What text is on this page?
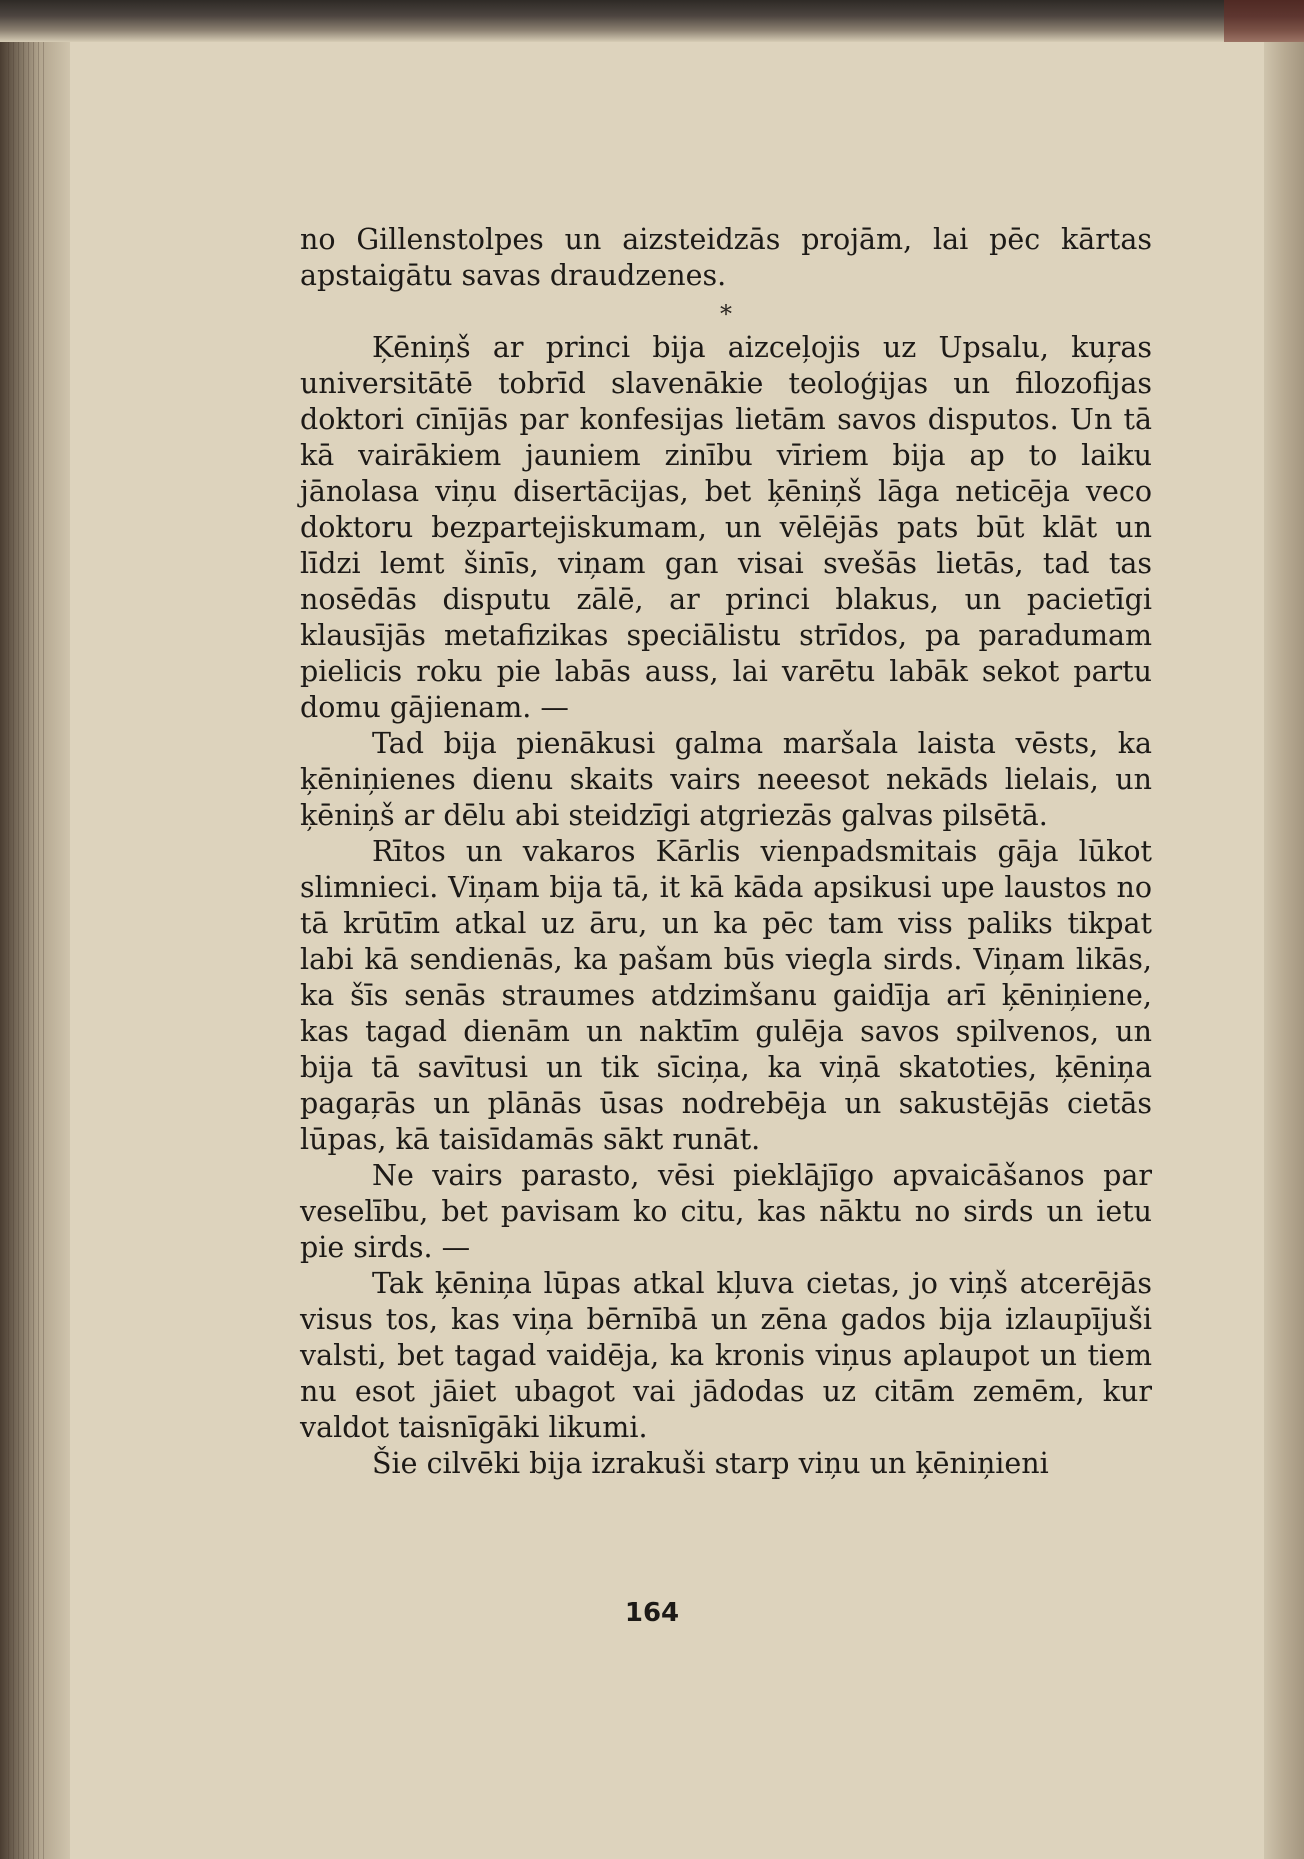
no Gillenstolpes un aizsteidzās projām, lai pēc kārtas apstaigātu savas draudzenes.

*

Ķēniņš ar princi bija aizceļojis uz Upsalu, kuŗas universitātē tobrīd slavenākie teoloģijas un filozofijas doktori cīnījās par konfesijas lietām savos disputos. Un tā kā vairākiem jauniem zinību vīriem bija ap to laiku jānolasa viņu disertācijas, bet ķēniņš lāga neticēja veco doktoru bezpartejiskumam, un vēlējās pats būt klāt un līdzi lemt šinīs, viņam gan visai svešās lietās, tad tas nosēdās disputu zālē, ar princi blakus, un pacietīgi klausījās metafizikas speciālistu strīdos, pa paradumam pielicis roku pie labās auss, lai varētu labāk sekot partu domu gājienam. —

Tad bija pienākusi galma maršala laista vēsts, ka ķēniņienes dienu skaits vairs neeesot nekāds lielais, un ķēniņš ar dēlu abi steidzīgi atgriezās galvas pilsētā.

Rītos un vakaros Kārlis vienpadsmitais gāja lūkot slimnieci. Viņam bija tā, it kā kāda apsikusi upe laustos no tā krūtīm atkal uz āru, un ka pēc tam viss paliks tikpat labi kā sendienās, ka pašam būs viegla sirds. Viņam likās, ka šīs senās straumes atdzimšanu gaidīja arī ķēniņiene, kas tagad dienām un naktīm gulēja savos spilvenos, un bija tā savītusi un tik sīciņa, ka viņā skatoties, ķēniņa pagaŗās un plānās ūsas nodrebēja un sakustējās cietās lūpas, kā taisīdamās sākt runāt.

Ne vairs parasto, vēsi pieklājīgo apvaicāšanos par veselību, bet pavisam ko citu, kas nāktu no sirds un ietu pie sirds. —

Tak ķēniņa lūpas atkal kļuva cietas, jo viņš atcerējās visus tos, kas viņa bērnībā un zēna gados bija izlaupījuši valsti, bet tagad vaidēja, ka kronis viņus aplaupot un tiem nu esot jāiet ubagot vai jādodas uz citām zemēm, kur valdot taisnīgāki likumi.

Šie cilvēki bija izrakuši starp viņu un ķēniņieni

164
